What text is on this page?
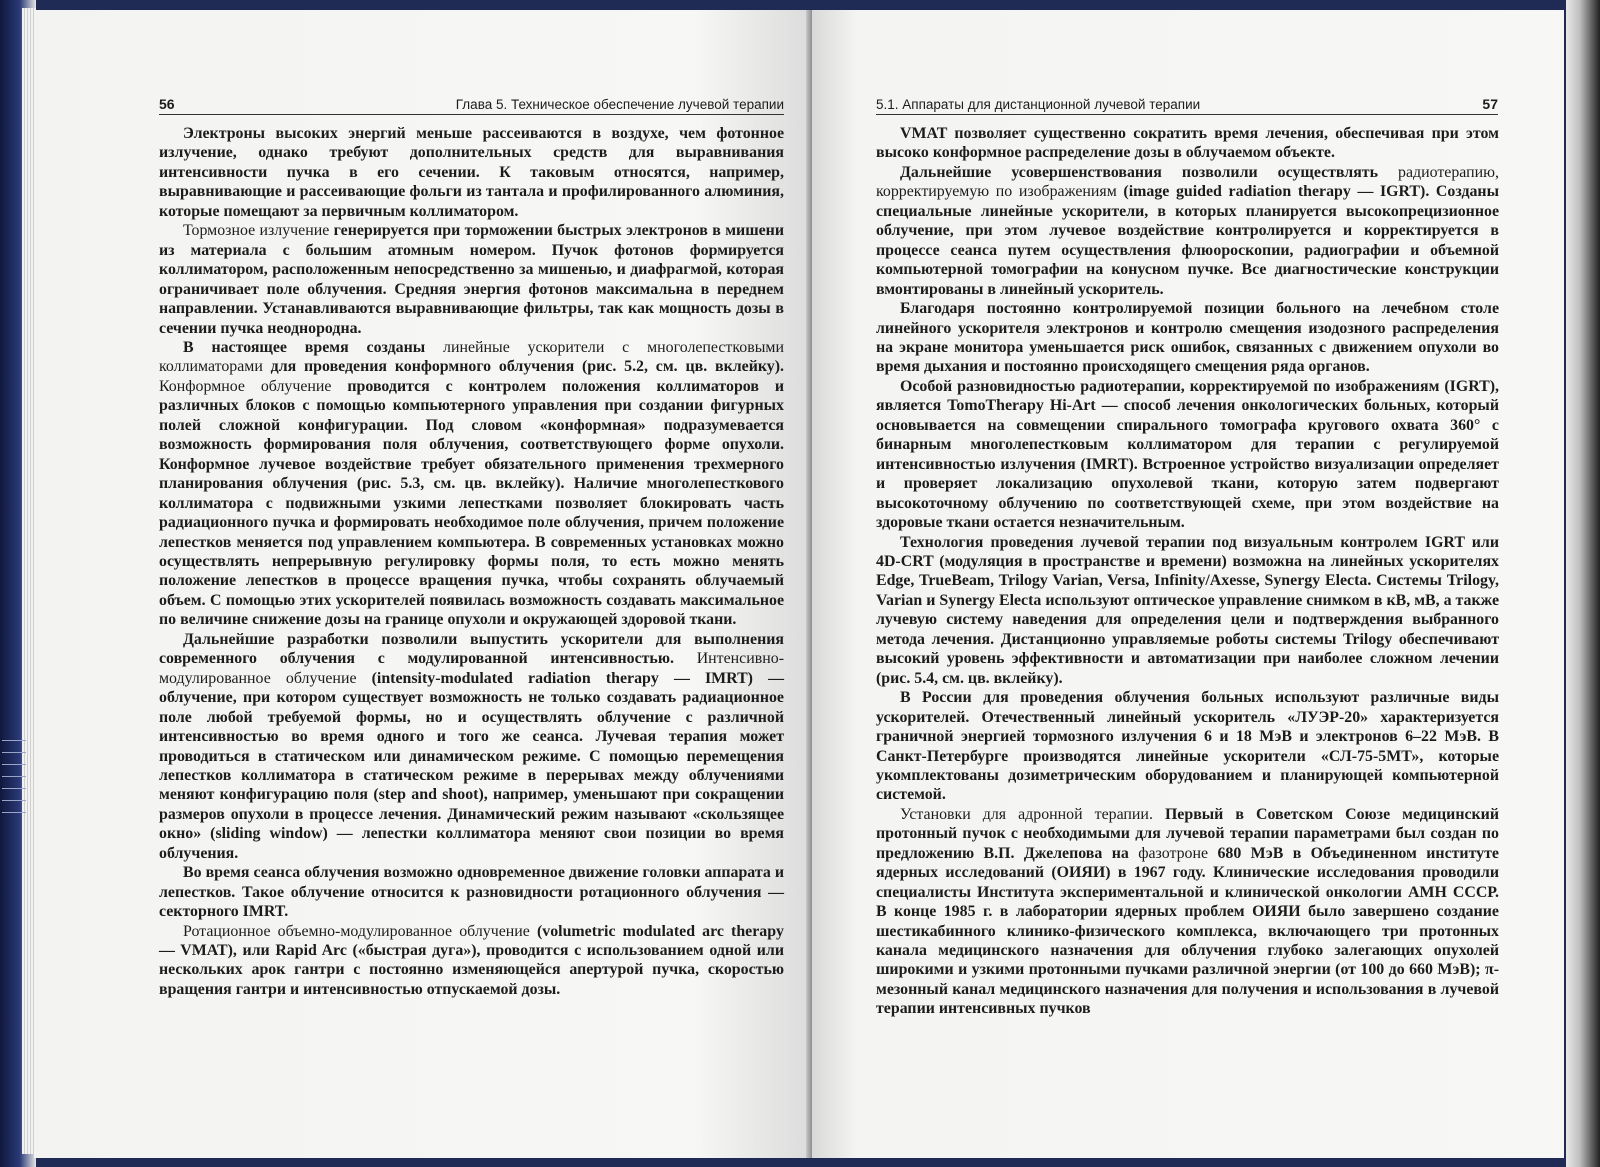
56	Глава 5. Техническое обеспечение лучевой терапии

Электроны высоких энергий меньше рассеиваются в воздухе, чем фотонное излучение, однако требуют дополнительных средств для выравнивания интенсивности пучка в его сечении. К таковым относятся, например, выравнивающие и рассеивающие фольги из тантала и профилированного алюминия, которые помещают за первичным коллиматором.

Тормозное излучение генерируется при торможении быстрых электронов в мишени из материала с большим атомным номером. Пучок фотонов формируется коллиматором, расположенным непосредственно за мишенью, и диафрагмой, которая ограничивает поле облучения. Средняя энергия фотонов максимальна в переднем направлении. Устанавливаются выравнивающие фильтры, так как мощность дозы в сечении пучка неоднородна.

В настоящее время созданы линейные ускорители с многолепестковыми коллиматорами для проведения конформного облучения (рис. 5.2, см. цв. вклейку). Конформное облучение проводится с контролем положения коллиматоров и различных блоков с помощью компьютерного управления при создании фигурных полей сложной конфигурации. Под словом «конформная» подразумевается возможность формирования поля облучения, соответствующего форме опухоли. Конформное лучевое воздействие требует обязательного применения трехмерного планирования облучения (рис. 5.3, см. цв. вклейку). Наличие многолепесткового коллиматора с подвижными узкими лепестками позволяет блокировать часть радиационного пучка и формировать необходимое поле облучения, причем положение лепестков меняется под управлением компьютера. В современных установках можно осуществлять непрерывную регулировку формы поля, то есть можно менять положение лепестков в процессе вращения пучка, чтобы сохранять облучаемый объем. С помощью этих ускорителей появилась возможность создавать максимальное по величине снижение дозы на границе опухоли и окружающей здоровой ткани.

Дальнейшие разработки позволили выпустить ускорители для выполнения современного облучения с модулированной интенсивностью. Интенсивно-модулированное облучение (intensity-modulated radiation therapy — IMRT) — облучение, при котором существует возможность не только создавать радиационное поле любой требуемой формы, но и осуществлять облучение с различной интенсивностью во время одного и того же сеанса. Лучевая терапия может проводиться в статическом или динамическом режиме. С помощью перемещения лепестков коллиматора в статическом режиме в перерывах между облучениями меняют конфигурацию поля (step and shoot), например, уменьшают при сокращении размеров опухоли в процессе лечения. Динамический режим называют «скользящее окно» (sliding window) — лепестки коллиматора меняют свои позиции во время облучения.

Во время сеанса облучения возможно одновременное движение головки аппарата и лепестков. Такое облучение относится к разновидности ротационного облучения — секторного IMRT.

Ротационное объемно-модулированное облучение (volumetric modulated arc therapy — VMAT), или Rapid Arc («быстрая дуга»), проводится с использованием одной или нескольких арок гантри с постоянно изменяющейся апертурой пучка, скоростью вращения гантри и интенсивностью отпускаемой дозы.

5.1. Аппараты для дистанционной лучевой терапии	57

VMAT позволяет существенно сократить время лечения, обеспечивая при этом высоко конформное распределение дозы в облучаемом объекте.

Дальнейшие усовершенствования позволили осуществлять радиотерапию, корректируемую по изображениям (image guided radiation therapy — IGRT). Созданы специальные линейные ускорители, в которых планируется высокопрецизионное облучение, при этом лучевое воздействие контролируется и корректируется в процессе сеанса путем осуществления флюороскопии, радиографии и объемной компьютерной томографии на конусном пучке. Все диагностические конструкции вмонтированы в линейный ускоритель.

Благодаря постоянно контролируемой позиции больного на лечебном столе линейного ускорителя электронов и контролю смещения изодозного распределения на экране монитора уменьшается риск ошибок, связанных с движением опухоли во время дыхания и постоянно происходящего смещения ряда органов.

Особой разновидностью радиотерапии, корректируемой по изображениям (IGRT), является TomoTherapy Hi-Art — способ лечения онкологических больных, который основывается на совмещении спирального томографа кругового охвата 360° с бинарным многолепестковым коллиматором для терапии с регулируемой интенсивностью излучения (IMRT). Встроенное устройство визуализации определяет и проверяет локализацию опухолевой ткани, которую затем подвергают высокоточному облучению по соответствующей схеме, при этом воздействие на здоровые ткани остается незначительным.

Технология проведения лучевой терапии под визуальным контролем IGRT или 4D-CRT (модуляция в пространстве и времени) возможна на линейных ускорителях Edge, TrueBeam, Trilogy Varian, Versa, Infinity/Axesse, Synergy Electa. Системы Trilogy, Varian и Synergy Electa используют оптическое управление снимком в кВ, мВ, а также лучевую систему наведения для определения цели и подтверждения выбранного метода лечения. Дистанционно управляемые роботы системы Trilogy обеспечивают высокий уровень эффективности и автоматизации при наиболее сложном лечении (рис. 5.4, см. цв. вклейку).

В России для проведения облучения больных используют различные виды ускорителей. Отечественный линейный ускоритель «ЛУЭР-20» характеризуется граничной энергией тормозного излучения 6 и 18 МэВ и электронов 6–22 МэВ. В Санкт-Петербурге производятся линейные ускорители «СЛ-75-5МТ», которые укомплектованы дозиметрическим оборудованием и планирующей компьютерной системой.

Установки для адронной терапии. Первый в Советском Союзе медицинский протонный пучок с необходимыми для лучевой терапии параметрами был создан по предложению В.П. Джелепова на фазотроне 680 МэВ в Объединенном институте ядерных исследований (ОИЯИ) в 1967 году. Клинические исследования проводили специалисты Института экспериментальной и клинической онкологии АМН СССР. В конце 1985 г. в лаборатории ядерных проблем ОИЯИ было завершено создание шестикабинного клинико-физического комплекса, включающего три протонных канала медицинского назначения для облучения глубоко залегающих опухолей широкими и узкими протонными пучками различной энергии (от 100 до 660 МэВ); π-мезонный канал медицинского назначения для получения и использования в лучевой терапии интенсивных пучков
